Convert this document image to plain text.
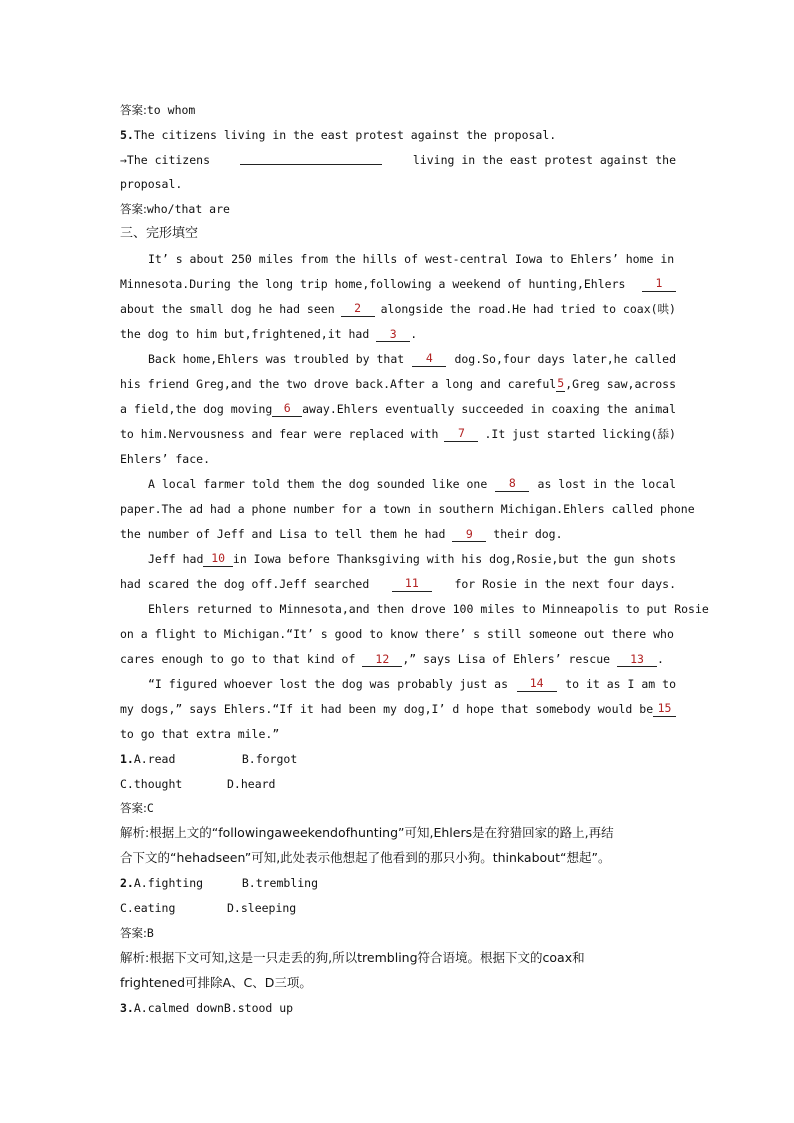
答案:to whom
5.The citizens living in the east protest against the proposal.
→The citizens	living in the east protest against the
proposal.
答案:who/that are
三、完形填空
It’ s about 250 miles from the hills of west-central Iowa to Ehlers’ home in
Minnesota.During the long trip home,following a weekend of hunting,Ehlers	1
about the small dog he had seen	2	alongside the road.He had tried to coax(哄)
the dog to him but,frightened,it had 3 .
Back home,Ehlers was troubled by that	4	dog.So,four days later,he called
his friend Greg,and the two drove back.After a long and careful 5 ,Greg saw,across
a field,the dog moving 6 away.Ehlers eventually succeeded in coaxing the animal
to him.Nervousness and fear were replaced with	7	.It just started licking(舔)
Ehlers’ face.
A local farmer told them the dog sounded like one	8	as lost in the local
paper.The ad had a phone number for a town in southern Michigan.Ehlers called phone
the number of Jeff and Lisa to tell them he had 9 their dog.
Jeff had 10 in Iowa before Thanksgiving with his dog,Rosie,but the gun shots
had scared the dog off.Jeff searched	11	for Rosie in the next four days.
Ehlers returned to Minnesota,and then drove 100 miles to Minneapolis to put Rosie
on a flight to Michigan.“It’ s good to know there’ s still someone out there who
cares enough to go to that kind of 12 ,” says Lisa of Ehlers’ rescue 13 .
“I figured whoever lost the dog was probably just as	14	to it as I am to
my dogs,” says Ehlers.“If it had been my dog,I’ d hope that somebody would be 15
to go that extra mile.”
1.A.read	B.forgot
C.thought	D.heard
答案:C
解析:根据上文的“followingaweekendofhunting”可知,Ehlers是在狩猎回家的路上,再结
合下文的“hehadseen”可知,此处表示他想起了他看到的那只小狗。thinkabout“想起”。
2.A.fighting	B.trembling
C.eating	D.sleeping
答案:B
解析:根据下文可知,这是一只走丢的狗,所以trembling符合语境。根据下文的coax和
frightened可排除A、C、D三项。
3.A.calmed downB.stood up
